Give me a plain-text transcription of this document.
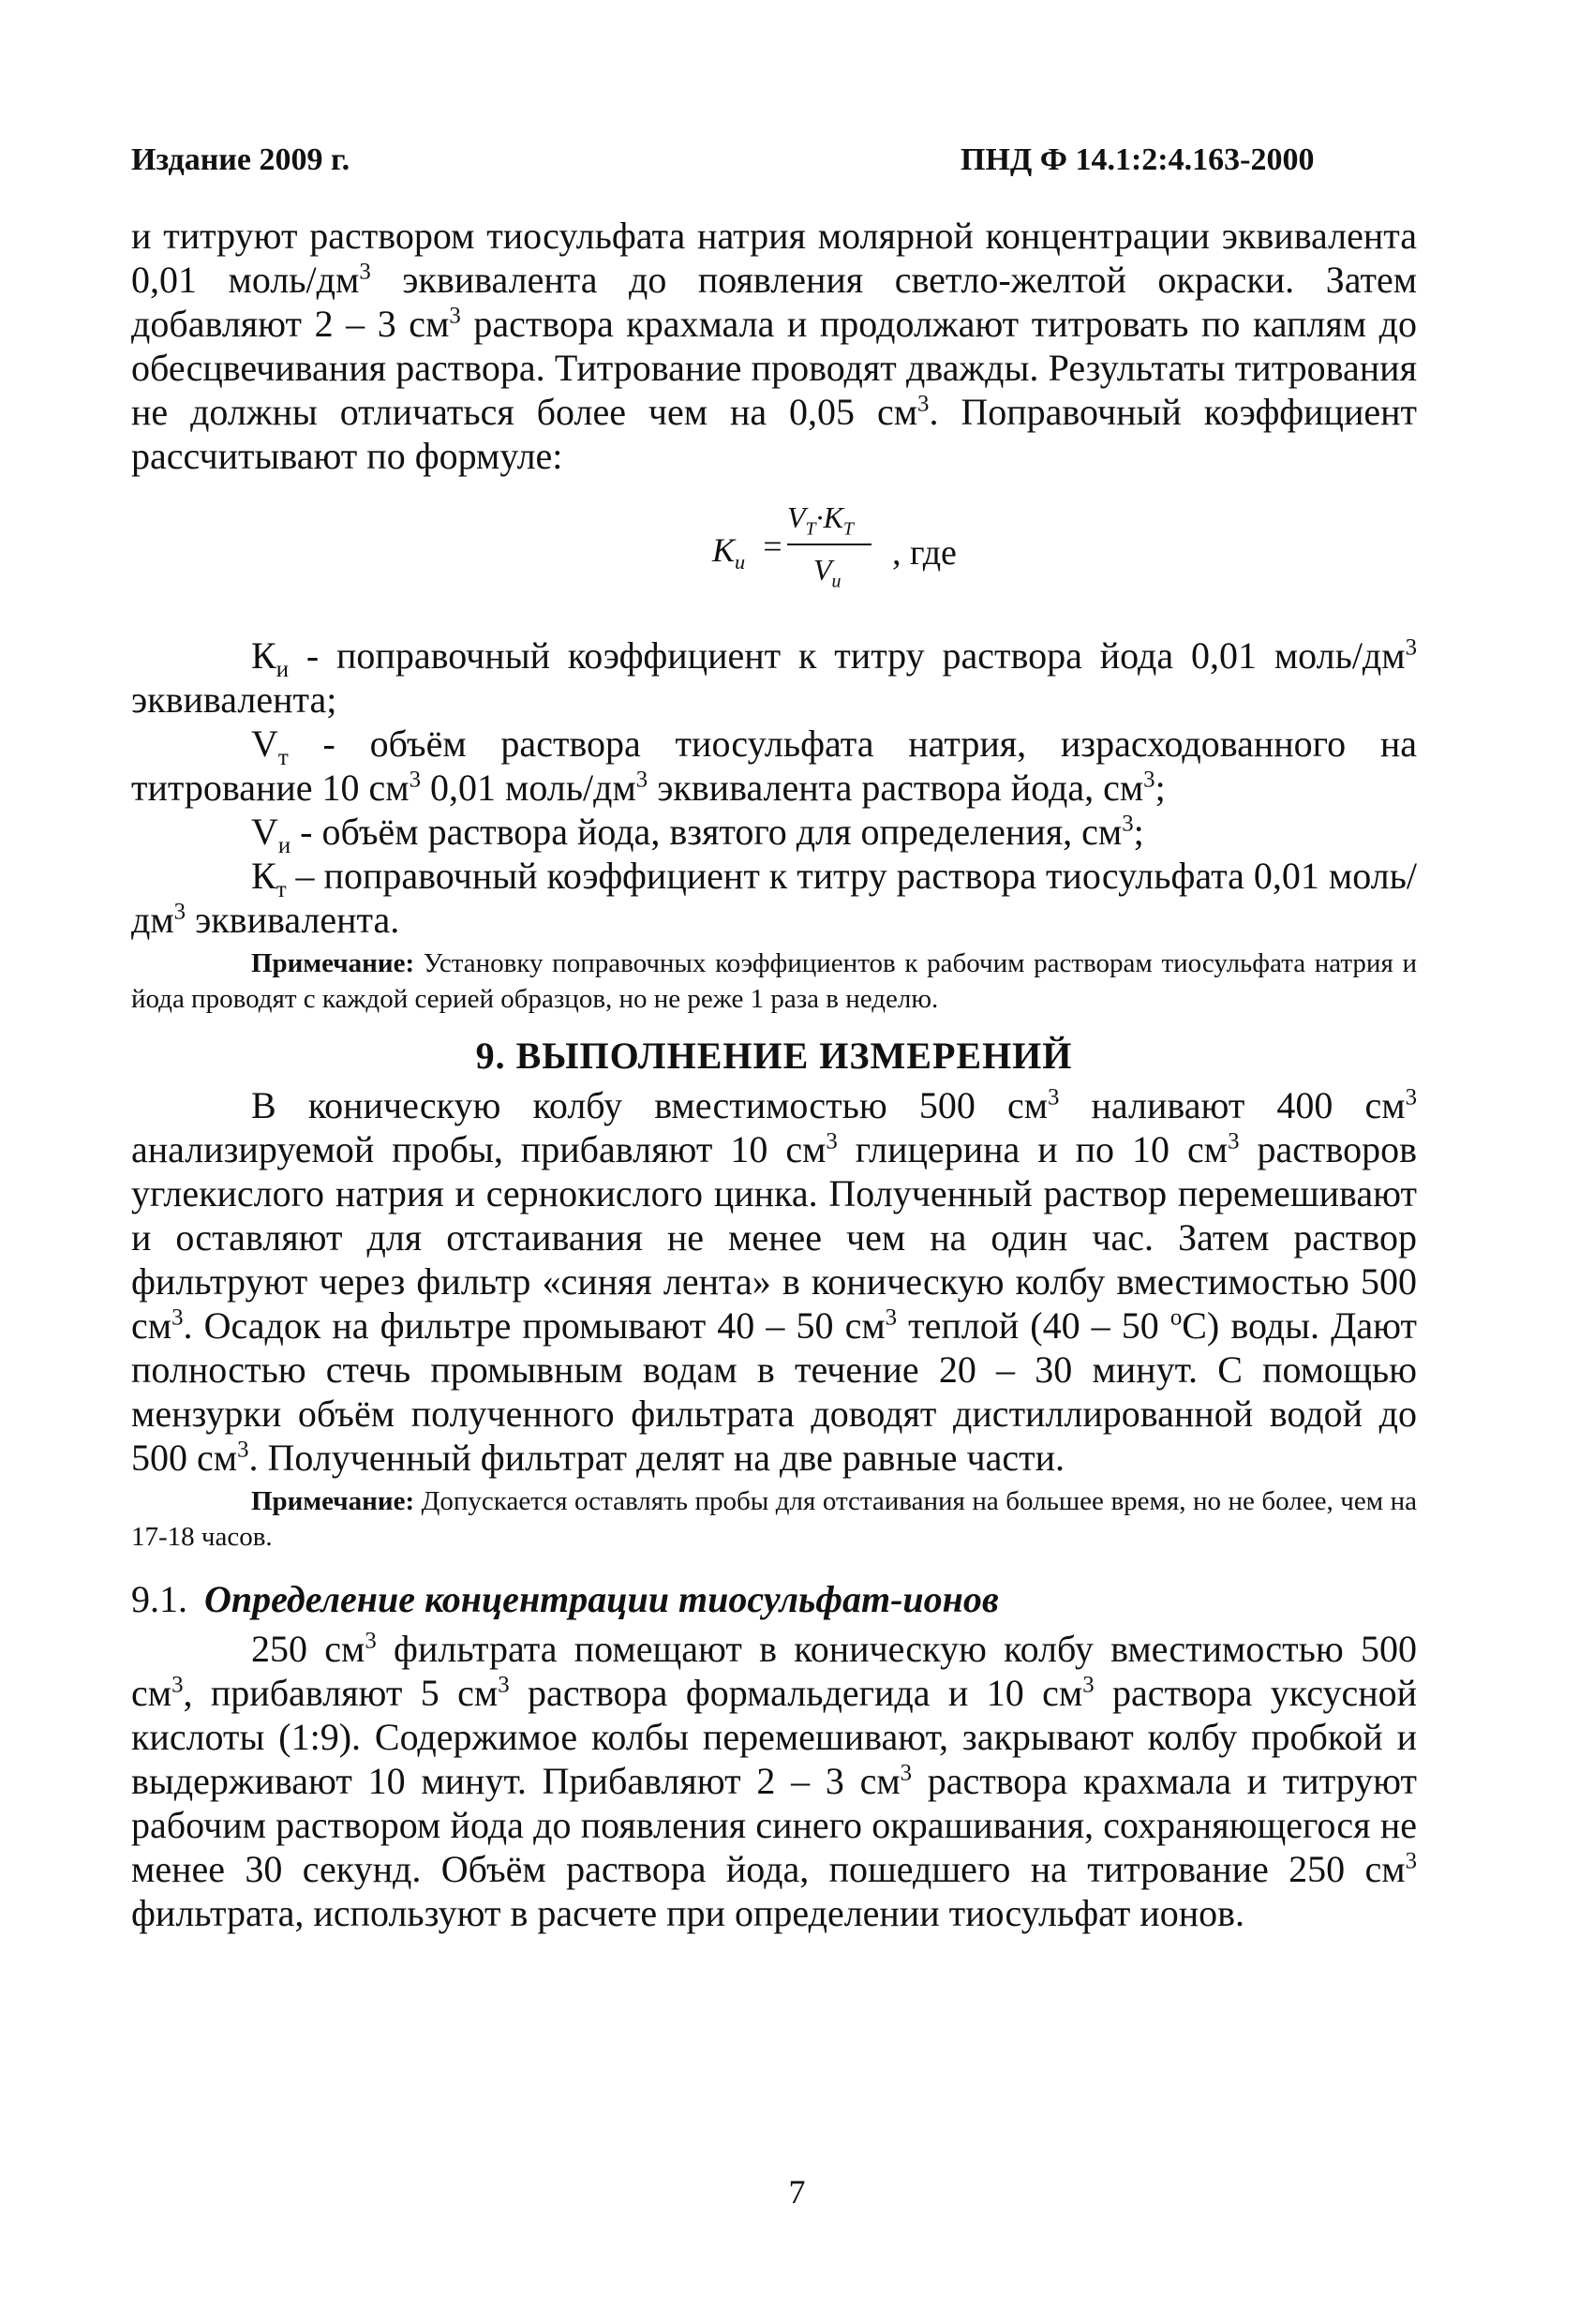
Издание 2009 г.	ПНД Ф 14.1:2:4.163-2000

и титруют раствором тиосульфата натрия молярной концентрации эквивалента 0,01 моль/$дм^3$ эквивалента до появления светло-желтой окраски. Затем добавляют 2 – 3 $см^3$ раствора крахмала и продолжают титровать по каплям до обесцвечивания раствора. Титрование проводят дважды. Результаты титрования не должны отличаться более чем на 0,05 $см^3$. Поправочный коэффициент рассчитывают по формуле:

$K_и$ =
$V_T\cdot K_T$
$V_и$
, где

$К_и$ - поправочный коэффициент к титру раствора йода 0,01 моль/$дм^3$ эквивалента;

$V_т$ - объём раствора тиосульфата натрия, израсходованного на титрование 10 $см^3$ 0,01 моль/$дм^3$ эквивалента раствора йода, $см^3$;

$V_и$ - объём раствора йода, взятого для определения, $см^3$;

$К_т$ – поправочный коэффициент к титру раствора тиосульфата 0,01 моль/$дм^3$ эквивалента.

Примечание: Установку поправочных коэффициентов к рабочим растворам тиосульфата натрия и йода проводят с каждой серией образцов, но не реже 1 раза в неделю.

9. ВЫПОЛНЕНИЕ ИЗМЕРЕНИЙ

В коническую колбу вместимостью 500 $см^3$ наливают 400 $см^3$ анализируемой пробы, прибавляют 10 $см^3$ глицерина и по 10 $см^3$ растворов углекислого натрия и сернокислого цинка. Полученный раствор перемешивают и оставляют для отстаивания не менее чем на один час. Затем раствор фильтруют через фильтр «синяя лента» в коническую колбу вместимостью 500 $см^3$. Осадок на фильтре промывают 40 – 50 $см^3$ теплой (40 – 50 $^о$С) воды. Дают полностью стечь промывным водам в течение 20 – 30 минут. С помощью мензурки объём полученного фильтрата доводят дистиллированной водой до 500 $см^3$. Полученный фильтрат делят на две равные части.

Примечание: Допускается оставлять пробы для отстаивания на большее время, но не более, чем на 17-18 часов.

9.1. Определение концентрации тиосульфат-ионов

250 $см^3$ фильтрата помещают в коническую колбу вместимостью 500 $см^3$, прибавляют 5 $см^3$ раствора формальдегида и 10 $см^3$ раствора уксусной кислоты (1:9). Содержимое колбы перемешивают, закрывают колбу пробкой и выдерживают 10 минут. Прибавляют 2 – 3 $см^3$ раствора крахмала и титруют рабочим раствором йода до появления синего окрашивания, сохраняющегося не менее 30 секунд. Объём раствора йода, пошедшего на титрование 250 $см^3$ фильтрата, используют в расчете при определении тиосульфат ионов.

7
